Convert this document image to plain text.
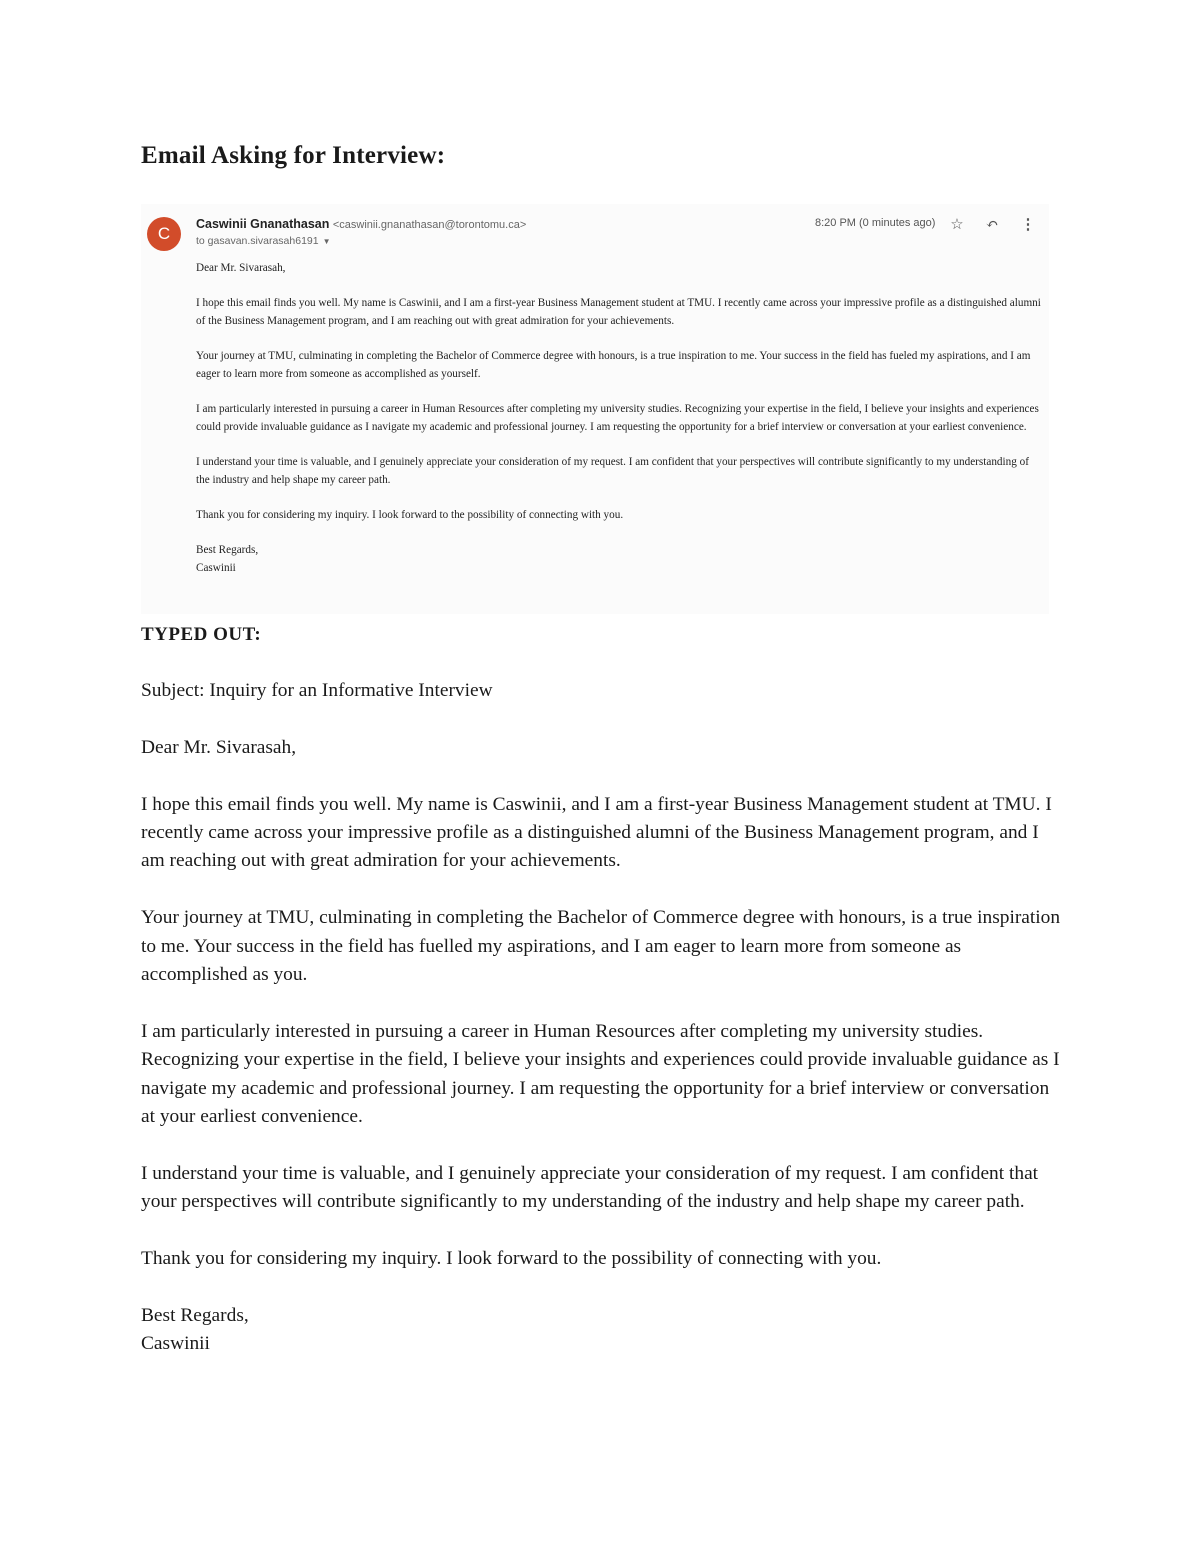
Email Asking for Interview:
C	Caswinii Gnanathasan <caswinii.gnanathasan@torontomu.ca>
to gasavan.sivarasah6191 ▼
8:20 PM (0 minutes ago) ☆	↶	⋮

Dear Mr. Sivarasah,

I hope this email finds you well. My name is Caswinii, and I am a first-year Business Management student at TMU. I recently came across your impressive profile as a distinguished alumni of the Business Management program, and I am reaching out with great admiration for your achievements.

Your journey at TMU, culminating in completing the Bachelor of Commerce degree with honours, is a true inspiration to me. Your success in the field has fueled my aspirations, and I am eager to learn more from someone as accomplished as yourself.

I am particularly interested in pursuing a career in Human Resources after completing my university studies. Recognizing your expertise in the field, I believe your insights and experiences could provide invaluable guidance as I navigate my academic and professional journey. I am requesting the opportunity for a brief interview or conversation at your earliest convenience.

I understand your time is valuable, and I genuinely appreciate your consideration of my request. I am confident that your perspectives will contribute significantly to my understanding of the industry and help shape my career path.

Thank you for considering my inquiry. I look forward to the possibility of connecting with you.

Best Regards,

Caswinii

TYPED OUT:

Subject: Inquiry for an Informative Interview

Dear Mr. Sivarasah,

I hope this email finds you well. My name is Caswinii, and I am a first-year Business Management student at TMU. I recently came across your impressive profile as a distinguished alumni of the Business Management program, and I am reaching out with great admiration for your achievements.

Your journey at TMU, culminating in completing the Bachelor of Commerce degree with honours, is a true inspiration to me. Your success in the field has fuelled my aspirations, and I am eager to learn more from someone as accomplished as you.

I am particularly interested in pursuing a career in Human Resources after completing my university studies. Recognizing your expertise in the field, I believe your insights and experiences could provide invaluable guidance as I navigate my academic and professional journey. I am requesting the opportunity for a brief interview or conversation at your earliest convenience.

I understand your time is valuable, and I genuinely appreciate your consideration of my request. I am confident that your perspectives will contribute significantly to my understanding of the industry and help shape my career path.

Thank you for considering my inquiry. I look forward to the possibility of connecting with you.

Best Regards,

Caswinii
